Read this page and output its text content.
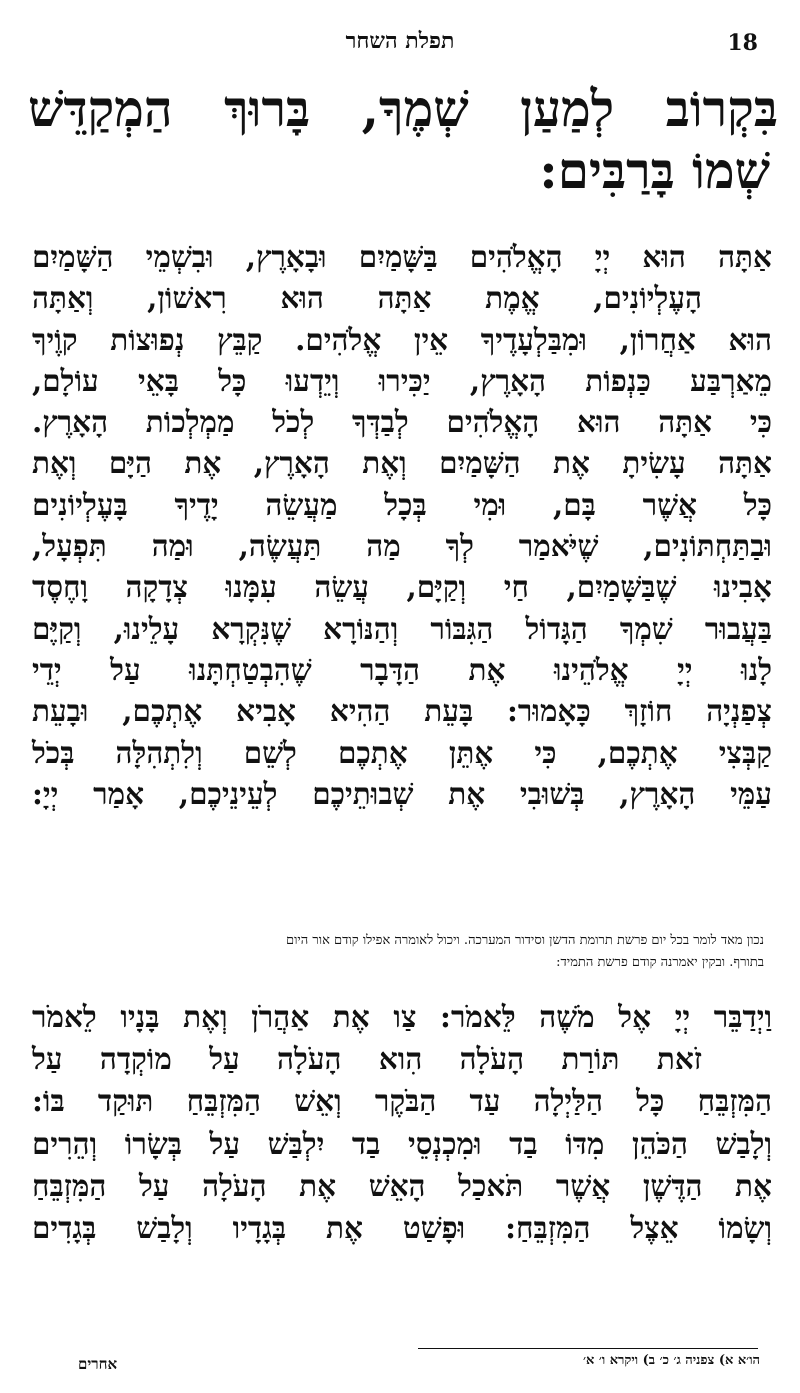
18
תפלת השחר
בִּקְרוֹב לְמַעַן שְׁמֶךָ, בָּרוּךְ הַמְקַדֵּשׁ
שְׁמוֹ בָּרַבִּים:
אַתָּה הוּא יְיָ הָאֱלֹהִים בַּשָּׁמַיִם וּבָאָרֶץ, וּבִשְׁמֵי הַשָּׁמַיִם
הָעֶלְיוֹנִים, אֱמֶת אַתָּה הוּא רִאשׁוֹן, וְאַתָּה
הוּא אַחֲרוֹן, וּמִבַּלְעָדֶיךָ אֵין אֱלֹהִים. קַבֵּץ נְפוּצוֹת קוֶֹיךָ
מֵאַרְבַּע כַּנְפוֹת הָאָרֶץ, יַכִּירוּ וְיֵדְעוּ כָּל בָּאֵי עוֹלָם,
כִּי אַתָּה הוּא הָאֱלֹהִים לְבַדְּךָ לְכֹל מַמְלְכוֹת הָאָרֶץ.
אַתָּה עָשִׂיתָ אֶת הַשָּׁמַיִם וְאֶת הָאָרֶץ, אֶת הַיָּם וְאֶת
כָּל אֲשֶׁר בָּם, וּמִי בְּכָל מַעֲשֵׂה יָדֶיךָ בָּעֶלְיוֹנִים
וּבַתַּחְתּוֹנִים, שֶׁיֹּאמַר לְךָ מַה תַּעֲשֶׂה, וּמַה תִּפְעָל,
אָבִינוּ שֶׁבַּשָּׁמַיִם, חַי וְקַיָּם, עֲשֵׂה עִמָּנוּ צְדָקָה וָחֶסֶד
בַּעֲבוּר שִׁמְךָ הַגָּדוֹל הַגִּבּוֹר וְהַנּוֹרָא שֶׁנִּקְרָא עָלֵינוּ, וְקַיֶּם
לָנוּ יְיָ אֱלֹהֵינוּ אֶת הַדָּבָר שֶׁהִבְטַחְתָּנוּ עַל יְדֵי
צְפַנְיָה חוֹזָךְ כָּאָמוּר: בָּעֵת הַהִיא אָבִיא אֶתְכֶם, וּבָעֵת
קַבְּצִי אֶתְכֶם, כִּי אֶתֵּן אֶתְכֶם לְשֵׁם וְלִתְהִלָּה בְּכֹל
עַמֵּי הָאָרֶץ, בְּשׁוּבִי אֶת שְׁבוּתֵיכֶם לְעֵינֵיכֶם, אָמַר יְיָ:
נכון מאד לומר בכל יום פרשת תרומת הדשן וסידור המערכה. ויכול לאומרה אפילו קודם אור היום
בתורף. ובקין יאמרנה קודם פרשת התמיד:
וַיְדַבֵּר יְיָ אֶל מֹשֶׁה לֵּאמֹר: צַו אֶת אַהֲרֹן וְאֶת בָּנָיו לֵאמֹר
זֹאת תּוֹרַת הָעֹלָה הִוא הָעֹלָה עַל מוֹקְדָה עַל
הַמִּזְבֵּחַ כָּל הַלַּיְלָה עַד הַבֹּקֶר וְאֵשׁ הַמִּזְבֵּחַ תּוּקַד בּוֹ:
וְלָבַשׁ הַכֹּהֵן מִדּוֹ בַד וּמִכְנְסֵי בַד יִלְבַּשׁ עַל בְּשָׂרוֹ וְהֵרִים
אֶת הַדֶּשֶׁן אֲשֶׁר תֹּאכַל הָאֵשׁ אֶת הָעֹלָה עַל הַמִּזְבֵּחַ
וְשָׂמוֹ אֵצֶל הַמִּזְבֵּחַ: וּפָשַׁט אֶת בְּגָדָיו וְלָבַשׁ בְּגָדִים
הו׳א א) צפניה ג׳ כ׳ ב) ויקרא ו׳ א׳
אחרים
